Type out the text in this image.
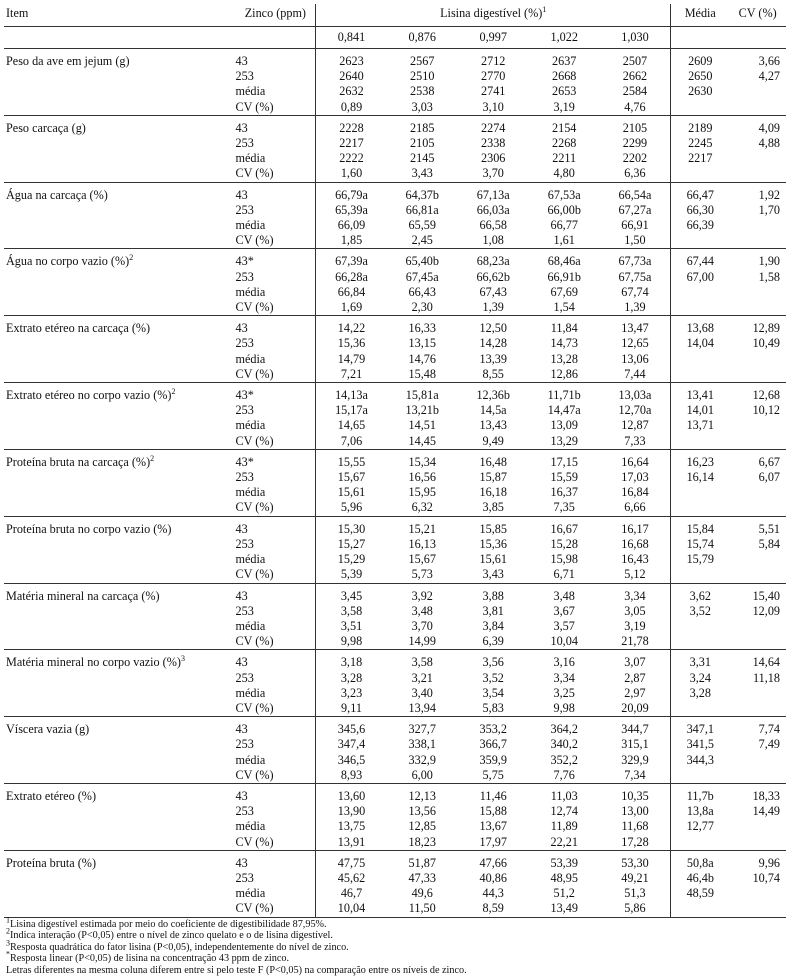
Item	Zinco (ppm)	Lisina digestível (%)$^1$					Média	CV (%)
		0,841	0,876	0,997	1,022	1,030		
Peso da ave em jejum (g)	43	2623	2567	2712	2637	2507	2609	3,66
	253	2640	2510	2770	2668	2662	2650	4,27
	média	2632	2538	2741	2653	2584	2630	
	CV (%)	0,89	3,03	3,10	3,19	4,76		
Peso carcaça (g)	43	2228	2185	2274	2154	2105	2189	4,09
	253	2217	2105	2338	2268	2299	2245	4,88
	média	2222	2145	2306	2211	2202	2217	
	CV (%)	1,60	3,43	3,70	4,80	6,36		
Água na carcaça (%)	43	66,79a	64,37b	67,13a	67,53a	66,54a	66,47	1,92
	253	65,39a	66,81a	66,03a	66,00b	67,27a	66,30	1,70
	média	66,09	65,59	66,58	66,77	66,91	66,39	
	CV (%)	1,85	2,45	1,08	1,61	1,50		
Água no corpo vazio (%)$^2$	43*	67,39a	65,40b	68,23a	68,46a	67,73a	67,44	1,90
	253	66,28a	67,45a	66,62b	66,91b	67,75a	67,00	1,58
	média	66,84	66,43	67,43	67,69	67,74		
	CV (%)	1,69	2,30	1,39	1,54	1,39		
Extrato etéreo na carcaça (%)	43	14,22	16,33	12,50	11,84	13,47	13,68	12,89
	253	15,36	13,15	14,28	14,73	12,65	14,04	10,49
	média	14,79	14,76	13,39	13,28	13,06		
	CV (%)	7,21	15,48	8,55	12,86	7,44		
Extrato etéreo no corpo vazio (%)$^2$	43*	14,13a	15,81a	12,36b	11,71b	13,03a	13,41	12,68
	253	15,17a	13,21b	14,5a	14,47a	12,70a	14,01	10,12
	média	14,65	14,51	13,43	13,09	12,87	13,71	
	CV (%)	7,06	14,45	9,49	13,29	7,33		
Proteína bruta na carcaça (%)$^2$	43*	15,55	15,34	16,48	17,15	16,64	16,23	6,67
	253	15,67	16,56	15,87	15,59	17,03	16,14	6,07
	média	15,61	15,95	16,18	16,37	16,84		
	CV (%)	5,96	6,32	3,85	7,35	6,66		
Proteína bruta no corpo vazio (%)	43	15,30	15,21	15,85	16,67	16,17	15,84	5,51
	253	15,27	16,13	15,36	15,28	16,68	15,74	5,84
	média	15,29	15,67	15,61	15,98	16,43	15,79	
	CV (%)	5,39	5,73	3,43	6,71	5,12		
Matéria mineral na carcaça (%)	43	3,45	3,92	3,88	3,48	3,34	3,62	15,40
	253	3,58	3,48	3,81	3,67	3,05	3,52	12,09
	média	3,51	3,70	3,84	3,57	3,19		
	CV (%)	9,98	14,99	6,39	10,04	21,78		
Matéria mineral no corpo vazio (%)$^3$	43	3,18	3,58	3,56	3,16	3,07	3,31	14,64
	253	3,28	3,21	3,52	3,34	2,87	3,24	11,18
	média	3,23	3,40	3,54	3,25	2,97	3,28	
	CV (%)	9,11	13,94	5,83	9,98	20,09		
Víscera vazia (g)	43	345,6	327,7	353,2	364,2	344,7	347,1	7,74
	253	347,4	338,1	366,7	340,2	315,1	341,5	7,49
	média	346,5	332,9	359,9	352,2	329,9	344,3	
	CV (%)	8,93	6,00	5,75	7,76	7,34		
Extrato etéreo (%)	43	13,60	12,13	11,46	11,03	10,35	11,7b	18,33
	253	13,90	13,56	15,88	12,74	13,00	13,8a	14,49
	média	13,75	12,85	13,67	11,89	11,68	12,77	
	CV (%)	13,91	18,23	17,97	22,21	17,28		
Proteína bruta (%)	43	47,75	51,87	47,66	53,39	53,30	50,8a	9,96
	253	45,62	47,33	40,86	48,95	49,21	46,4b	10,74
	média	46,7	49,6	44,3	51,2	51,3	48,59	
	CV (%)	10,04	11,50	8,59	13,49	5,86		
$^1$Lisina digestível estimada por meio do coeficiente de digestibilidade 87,95%.
$^2$Indica interação (P<0,05) entre o nível de zinco quelato e o de lisina digestível.
$^3$Resposta quadrática do fator lisina (P<0,05), independentemente do nível de zinco.
*Resposta linear (P<0,05) de lisina na concentração 43 ppm de zinco.
Letras diferentes na mesma coluna diferem entre si pelo teste F (P<0,05) na comparação entre os níveis de zinco.
